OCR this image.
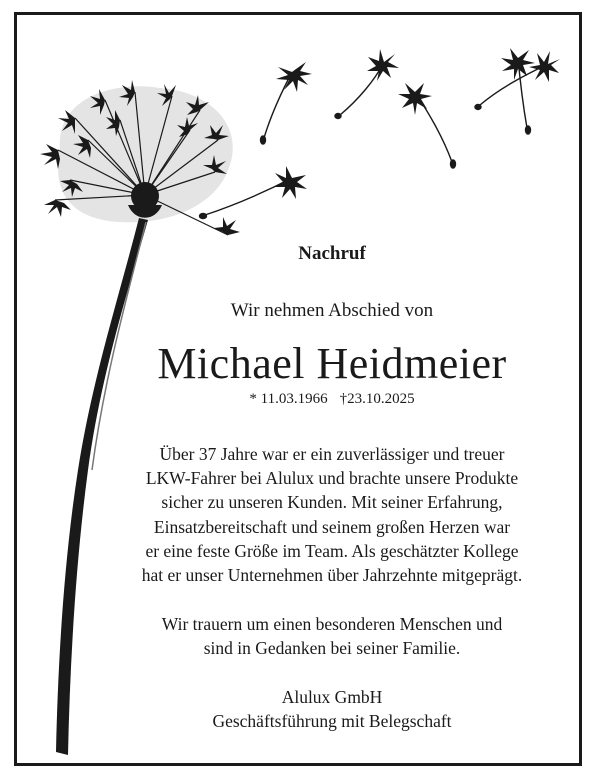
Nachruf
Wir nehmen Abschied von
Michael Heidmeier
* 11.03.1966 †23.10.2025
Über 37 Jahre war er ein zuverlässiger und treuer
LKW-Fahrer bei Alulux und brachte unsere Produkte
sicher zu unseren Kunden. Mit seiner Erfahrung,
Einsatzbereitschaft und seinem großen Herzen war
er eine feste Größe im Team. Als geschätzter Kollege
hat er unser Unternehmen über Jahrzehnte mitgeprägt.
Wir trauern um einen besonderen Menschen und
sind in Gedanken bei seiner Familie.
Alulux GmbH
Geschäftsführung mit Belegschaft
